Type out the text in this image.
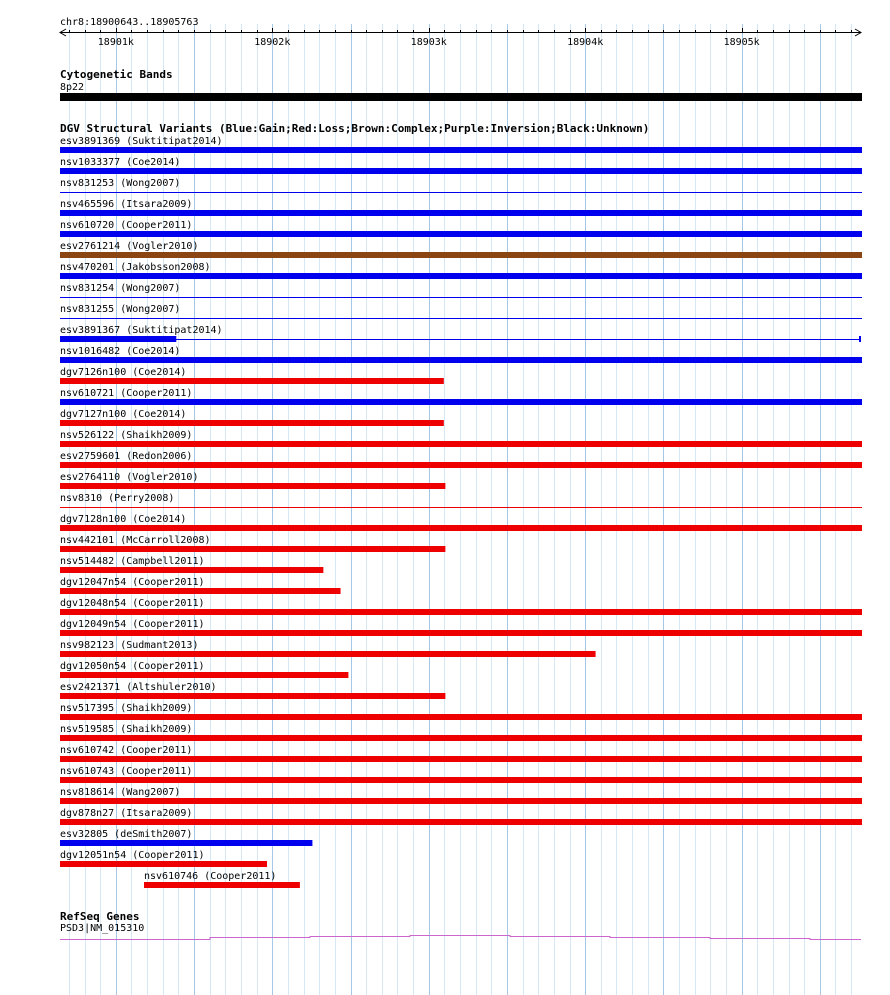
chr8:18900643..18905763
18901k	18902k	18903k	18904k	18905k
Cytogenetic Bands
8p22
DGV Structural Variants (Blue:Gain;Red:Loss;Brown:Complex;Purple:Inversion;Black:Unknown)
esv3891369 (Suktitipat2014)
nsv1033377 (Coe2014)
nsv831253 (Wong2007)
nsv465596 (Itsara2009)
nsv610720 (Cooper2011)
esv2761214 (Vogler2010)
nsv470201 (Jakobsson2008)
nsv831254 (Wong2007)
nsv831255 (Wong2007)
esv3891367 (Suktitipat2014)
nsv1016482 (Coe2014)
dgv7126n100 (Coe2014)
nsv610721 (Cooper2011)
dgv7127n100 (Coe2014)
nsv526122 (Shaikh2009)
esv2759601 (Redon2006)
esv2764110 (Vogler2010)
nsv8310 (Perry2008)
dgv7128n100 (Coe2014)
nsv442101 (McCarroll2008)
nsv514482 (Campbell2011)
dgv12047n54 (Cooper2011)
dgv12048n54 (Cooper2011)
dgv12049n54 (Cooper2011)
nsv982123 (Sudmant2013)
dgv12050n54 (Cooper2011)
esv2421371 (Altshuler2010)
nsv517395 (Shaikh2009)
nsv519585 (Shaikh2009)
nsv610742 (Cooper2011)
nsv610743 (Cooper2011)
nsv818614 (Wang2007)
dgv878n27 (Itsara2009)
esv32805 (deSmith2007)
dgv12051n54 (Cooper2011)
nsv610746 (Cooper2011)
RefSeq Genes
PSD3|NM_015310
